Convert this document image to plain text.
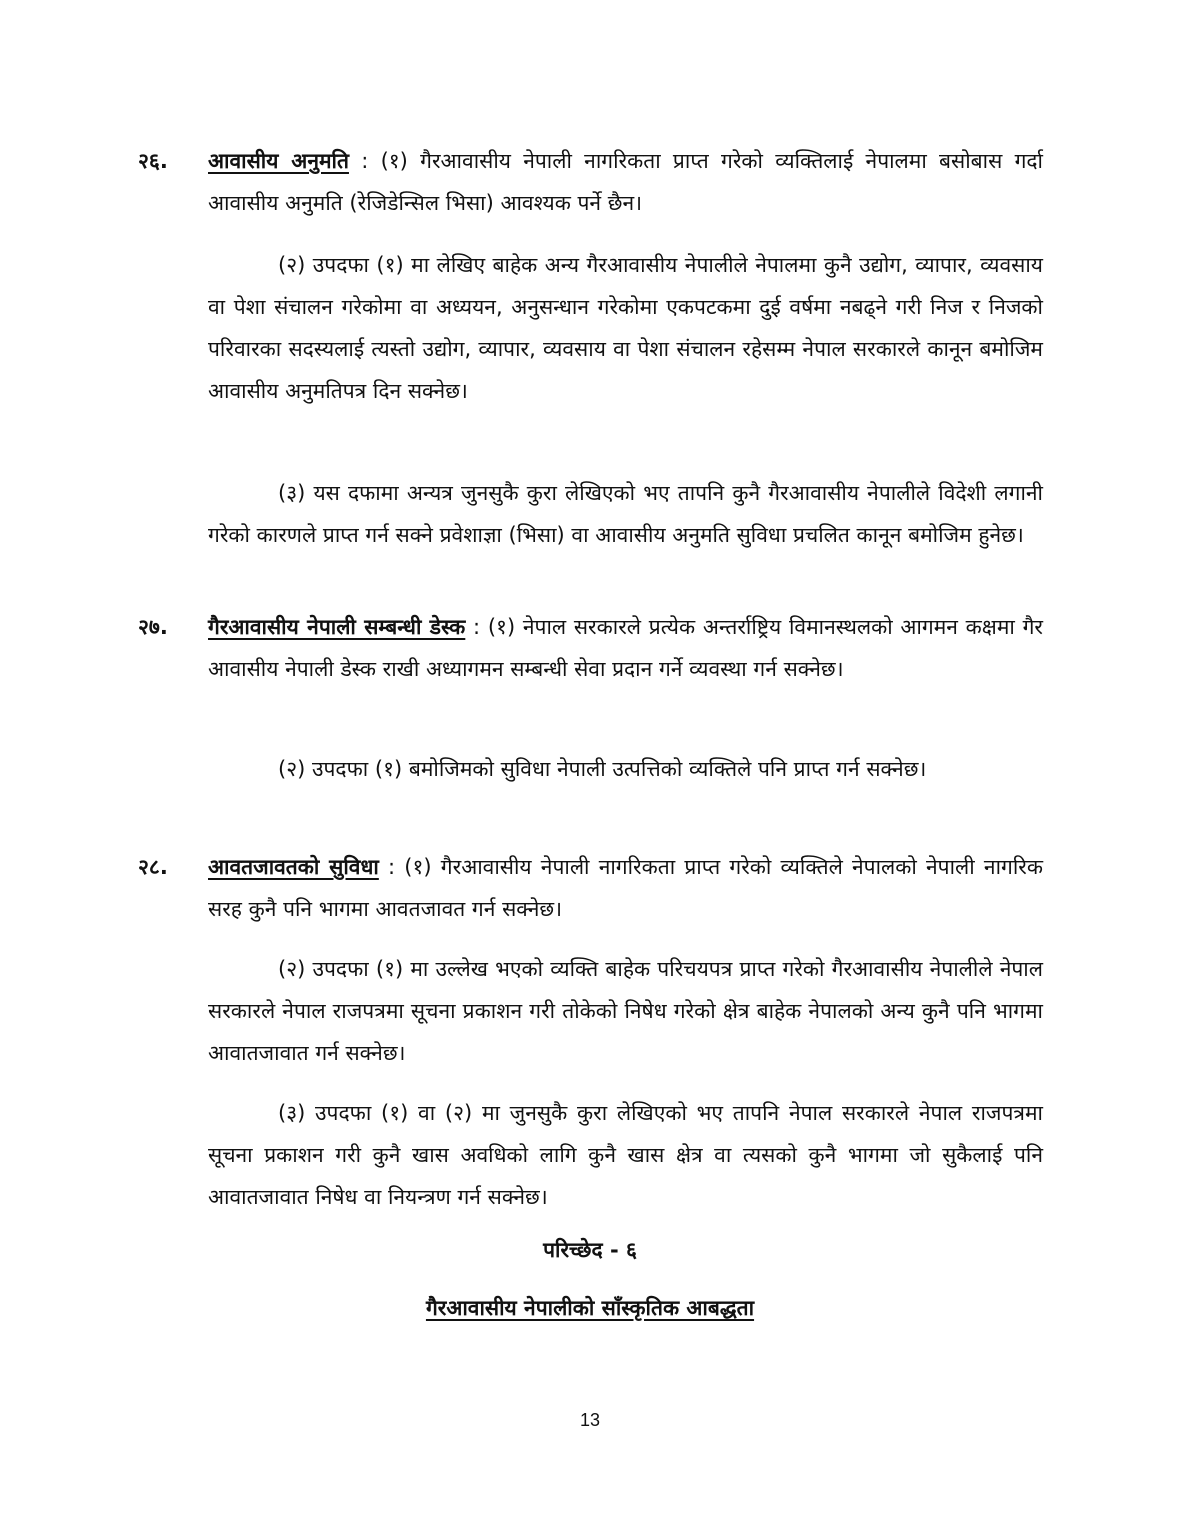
२६. आवासीय अनुमति : (१) गैरआवासीय नेपाली नागरिकता प्राप्त गरेको व्यक्तिलाई नेपालमा बसोबास गर्दा आवासीय अनुमति (रेजिडेन्सिल भिसा) आवश्यक पर्ने छैन।
(२) उपदफा (१) मा लेखिए बाहेक अन्य गैरआवासीय नेपालीले नेपालमा कुनै उद्योग, व्यापार, व्यवसाय वा पेशा संचालन गरेकोमा वा अध्ययन, अनुसन्धान गरेकोमा एकपटकमा दुई वर्षमा नबढ्ने गरी निज र निजको परिवारका सदस्यलाई त्यस्तो उद्योग, व्यापार, व्यवसाय वा पेशा संचालन रहेसम्म नेपाल सरकारले कानून बमोजिम आवासीय अनुमतिपत्र दिन सक्नेछ।
(३) यस दफामा अन्यत्र जुनसुकै कुरा लेखिएको भए तापनि कुनै गैरआवासीय नेपालीले विदेशी लगानी गरेको कारणले प्राप्त गर्न सक्ने प्रवेशाज्ञा (भिसा) वा आवासीय अनुमति सुविधा प्रचलित कानून बमोजिम हुनेछ।
२७. गैरआवासीय नेपाली सम्बन्धी डेस्क : (१) नेपाल सरकारले प्रत्येक अन्तर्राष्ट्रिय विमानस्थलको आगमन कक्षमा गैर आवासीय नेपाली डेस्क राखी अध्यागमन सम्बन्धी सेवा प्रदान गर्ने व्यवस्था गर्न सक्नेछ।
(२) उपदफा (१) बमोजिमको सुविधा नेपाली उत्पत्तिको व्यक्तिले पनि प्राप्त गर्न सक्नेछ।
२८. आवतजावतको सुविधा : (१) गैरआवासीय नेपाली नागरिकता प्राप्त गरेको व्यक्तिले नेपालको नेपाली नागरिक सरह कुनै पनि भागमा आवतजावत गर्न सक्नेछ।
(२) उपदफा (१) मा उल्लेख भएको व्यक्ति बाहेक परिचयपत्र प्राप्त गरेको गैरआवासीय नेपालीले नेपाल सरकारले नेपाल राजपत्रमा सूचना प्रकाशन गरी तोकेको निषेध गरेको क्षेत्र बाहेक नेपालको अन्य कुनै पनि भागमा आवातजावात गर्न सक्नेछ।
(३) उपदफा (१) वा (२) मा जुनसुकै कुरा लेखिएको भए तापनि नेपाल सरकारले नेपाल राजपत्रमा सूचना प्रकाशन गरी कुनै खास अवधिको लागि कुनै खास क्षेत्र वा त्यसको कुनै भागमा जो सुकैलाई पनि आवातजावात निषेध वा नियन्त्रण गर्न सक्नेछ।
परिच्छेद - ६
गैरआवासीय नेपालीको साँस्कृतिक आबद्धता
13
